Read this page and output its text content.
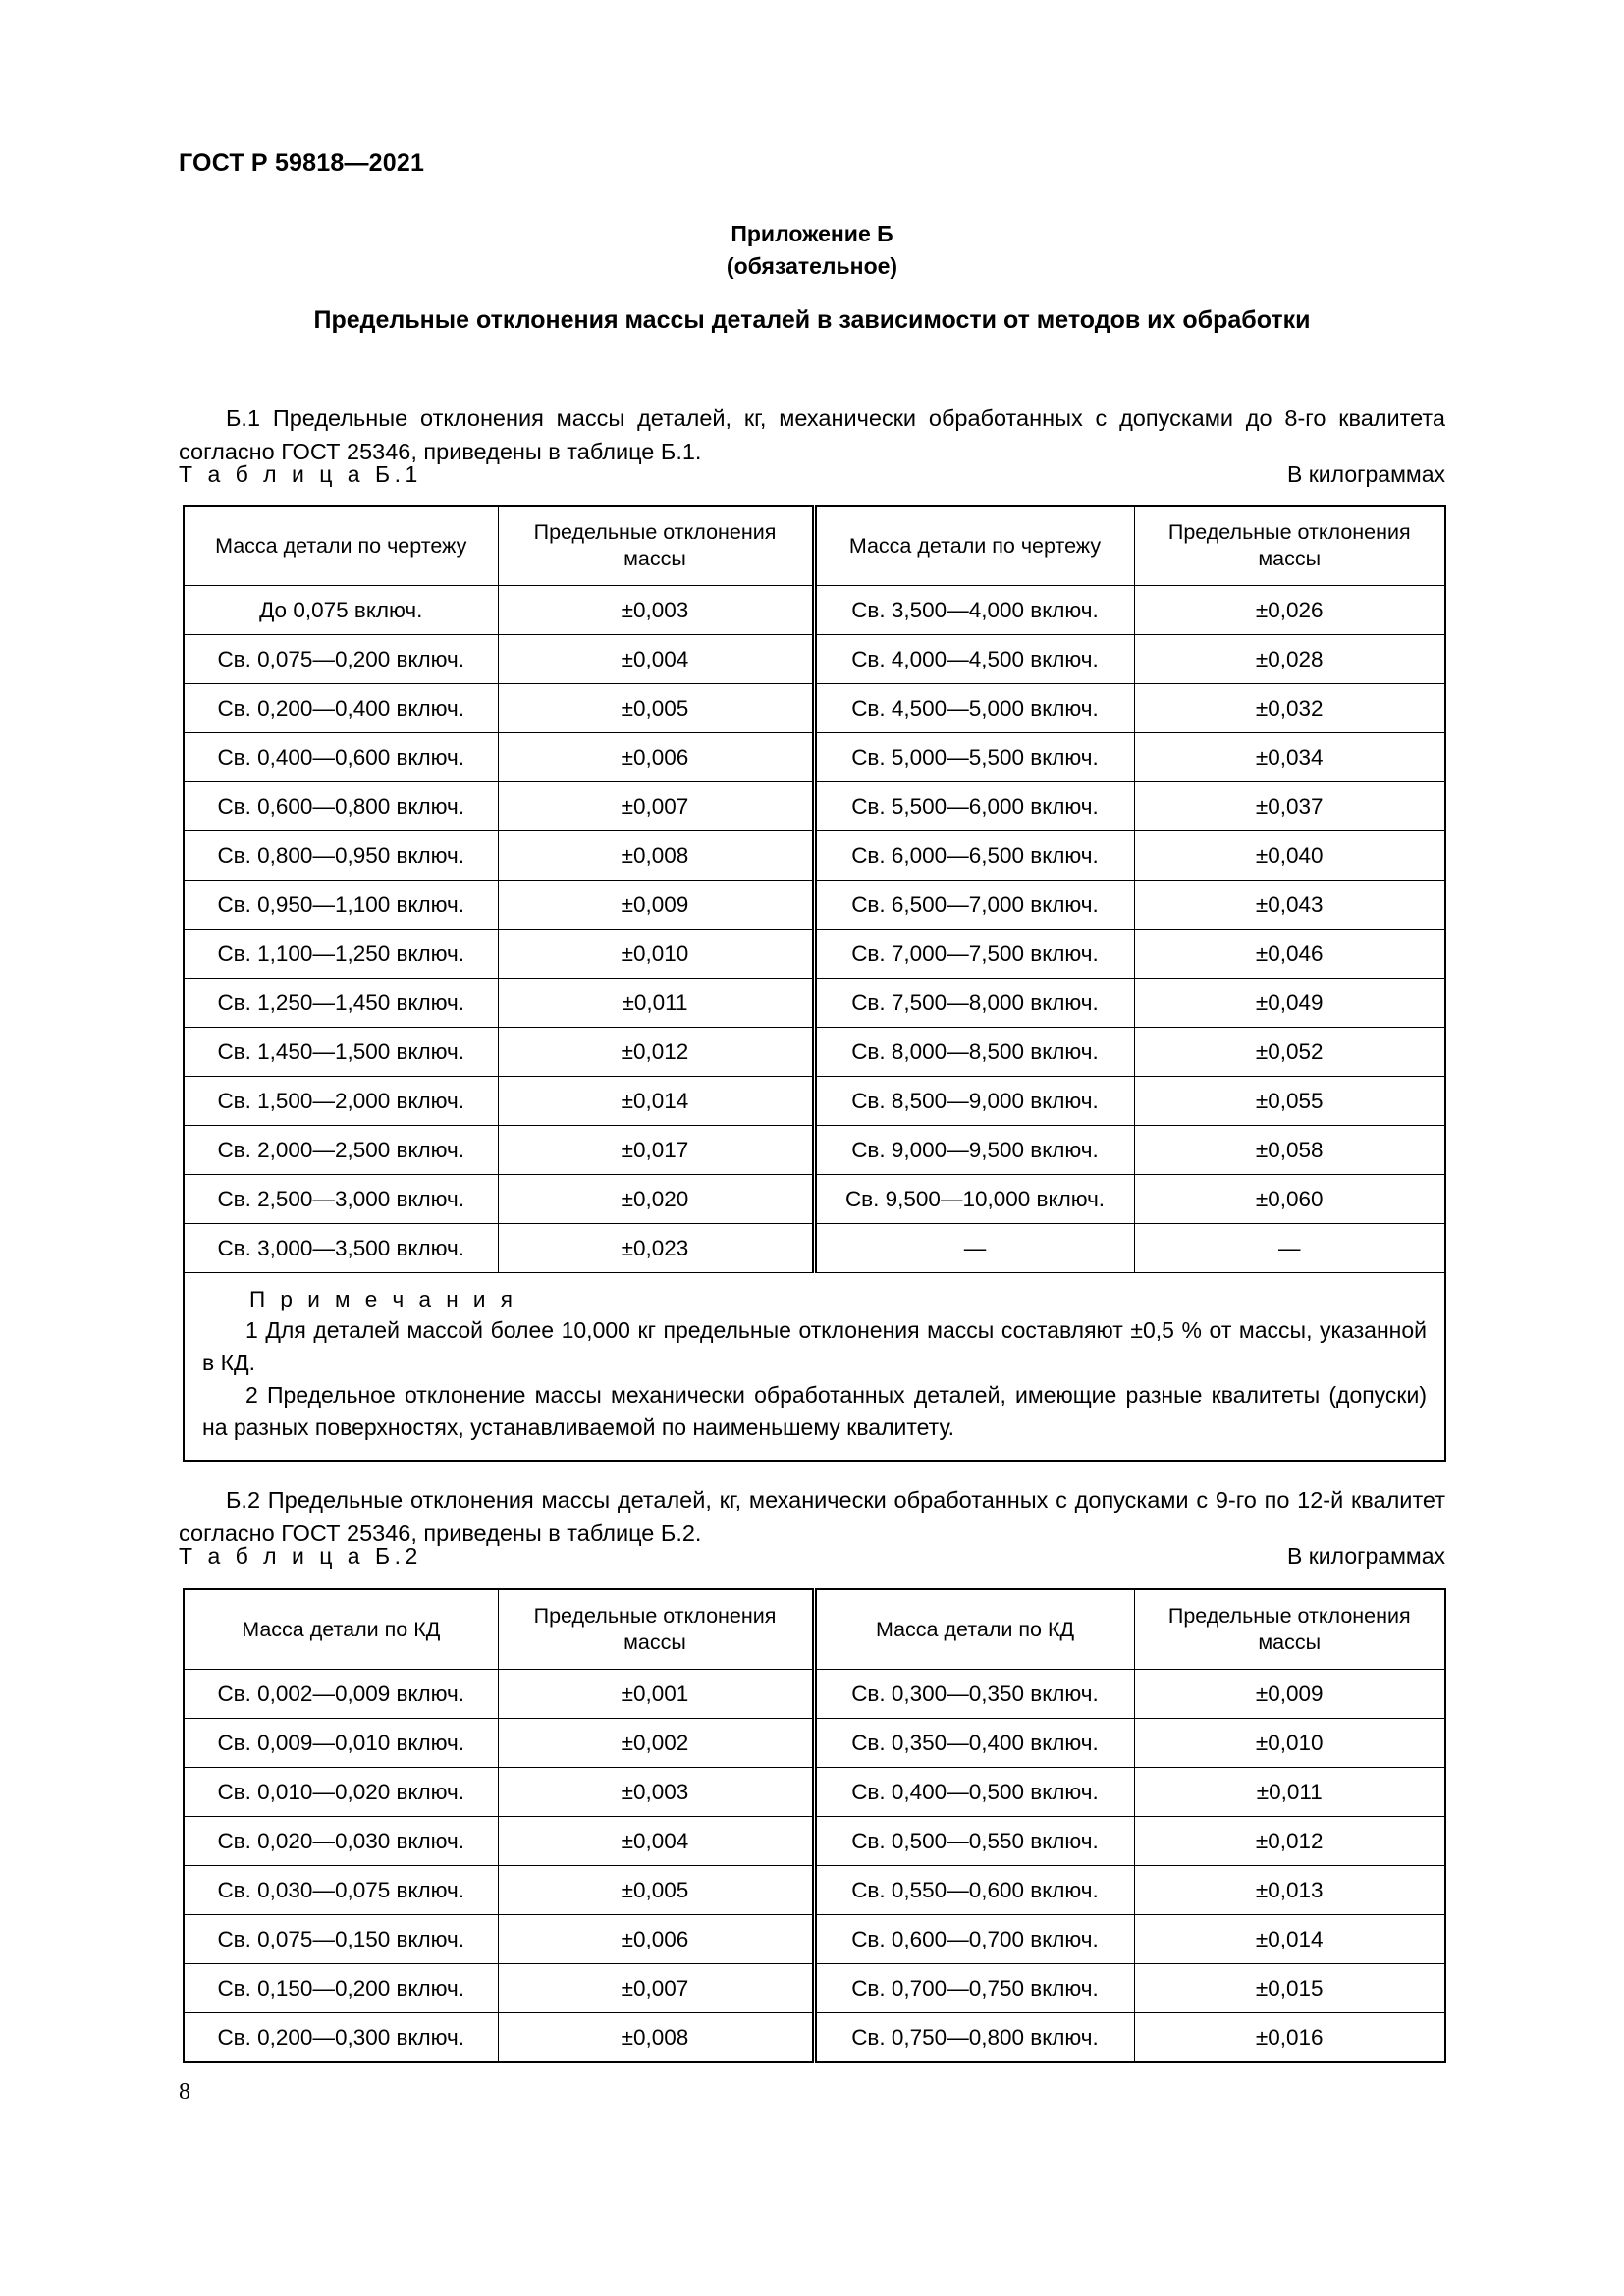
ГОСТ Р 59818—2021
Приложение Б
(обязательное)
Предельные отклонения массы деталей в зависимости от методов их обработки

Б.1 Предельные отклонения массы деталей, кг, механически обработанных с допусками до 8-го квалитета согласно ГОСТ 25346, приведены в таблице Б.1.

Т а б л и ц а Б.1	В килограммах
Масса детали по чертежу	Предельные отклонения массы	Масса детали по чертежу	Предельные отклонения массы
До 0,075 включ.	±0,003	Св. 3,500—4,000 включ.	±0,026
Св. 0,075—0,200 включ.	±0,004	Св. 4,000—4,500 включ.	±0,028
Св. 0,200—0,400 включ.	±0,005	Св. 4,500—5,000 включ.	±0,032
Св. 0,400—0,600 включ.	±0,006	Св. 5,000—5,500 включ.	±0,034
Св. 0,600—0,800 включ.	±0,007	Св. 5,500—6,000 включ.	±0,037
Св. 0,800—0,950 включ.	±0,008	Св. 6,000—6,500 включ.	±0,040
Св. 0,950—1,100 включ.	±0,009	Св. 6,500—7,000 включ.	±0,043
Св. 1,100—1,250 включ.	±0,010	Св. 7,000—7,500 включ.	±0,046
Св. 1,250—1,450 включ.	±0,011	Св. 7,500—8,000 включ.	±0,049
Св. 1,450—1,500 включ.	±0,012	Св. 8,000—8,500 включ.	±0,052
Св. 1,500—2,000 включ.	±0,014	Св. 8,500—9,000 включ.	±0,055
Св. 2,000—2,500 включ.	±0,017	Св. 9,000—9,500 включ.	±0,058
Св. 2,500—3,000 включ.	±0,020	Св. 9,500—10,000 включ.	±0,060
Св. 3,000—3,500 включ.	±0,023	—	—

П р и м е ч а н и я

1 Для деталей массой более 10,000 кг предельные отклонения массы составляют ±0,5 % от массы, указанной в КД.

2 Предельное отклонение массы механически обработанных деталей, имеющие разные квалитеты (допуски) на разных поверхностях, устанавливаемой по наименьшему квалитету.			

Б.2 Предельные отклонения массы деталей, кг, механически обработанных с допусками с 9-го по 12-й квалитет согласно ГОСТ 25346, приведены в таблице Б.2.

Т а б л и ц а Б.2	В килограммах
Масса детали по КД	Предельные отклонения массы	Масса детали по КД	Предельные отклонения массы
Св. 0,002—0,009 включ.	±0,001	Св. 0,300—0,350 включ.	±0,009
Св. 0,009—0,010 включ.	±0,002	Св. 0,350—0,400 включ.	±0,010
Св. 0,010—0,020 включ.	±0,003	Св. 0,400—0,500 включ.	±0,011
Св. 0,020—0,030 включ.	±0,004	Св. 0,500—0,550 включ.	±0,012
Св. 0,030—0,075 включ.	±0,005	Св. 0,550—0,600 включ.	±0,013
Св. 0,075—0,150 включ.	±0,006	Св. 0,600—0,700 включ.	±0,014
Св. 0,150—0,200 включ.	±0,007	Св. 0,700—0,750 включ.	±0,015
Св. 0,200—0,300 включ.	±0,008	Св. 0,750—0,800 включ.	±0,016
8
